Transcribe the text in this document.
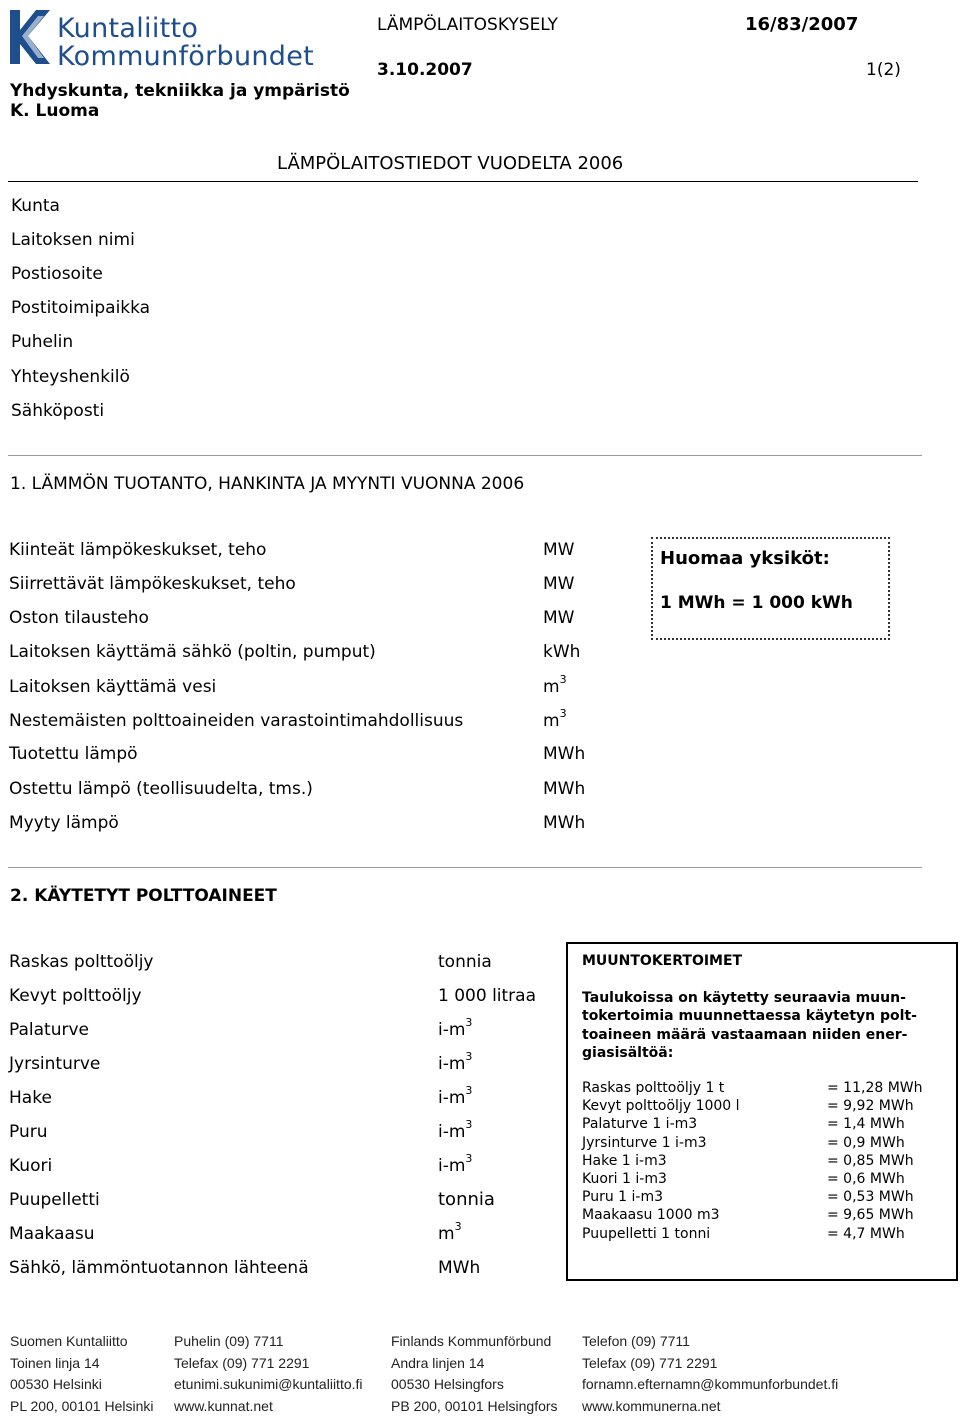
Kuntaliitto
Kommunförbundet
LÄMPÖLAITOSKYSELY	16/83/2007
3.10.2007	1(2)
Yhdyskunta, tekniikka ja ympäristö
K. Luoma
LÄMPÖLAITOSTIEDOT VUODELTA 2006
Kunta
Laitoksen nimi
Postiosoite
Postitoimipaikka
Puhelin
Yhteyshenkilö
Sähköposti
1. LÄMMÖN TUOTANTO, HANKINTA JA MYYNTI VUONNA 2006
Kiinteät lämpökeskukset, teho	MW
Siirrettävät lämpökeskukset, teho	MW
Oston tilausteho	MW
Laitoksen käyttämä sähkö (poltin, pumput)	kWh
Laitoksen käyttämä vesi	$m^3$
Nestemäisten polttoaineiden varastointimahdollisuus	$m^3$
Tuotettu lämpö	MWh
Ostettu lämpö (teollisuudelta, tms.)	MWh
Myyty lämpö	MWh
Huomaa yksiköt:
1 MWh = 1 000 kWh
2. KÄYTETYT POLTTOAINEET
Raskas polttoöljy	tonnia
Kevyt polttoöljy	1 000 litraa
Palaturve	$i-m^3$
Jyrsinturve	$i-m^3$
Hake	$i-m^3$
Puru	$i-m^3$
Kuori	$i-m^3$
Puupelletti	tonnia
Maakaasu	$m^3$
Sähkö, lämmöntuotannon lähteenä	MWh
MUUNTOKERTOIMET
Taulukoissa on käytetty seuraavia muun-
tokertoimia muunnettaessa käytetyn polt-
toaineen määrä vastaamaan niiden ener-
giasisältöä:
Raskas polttoöljy 1 t	= 11,28 MWh
Kevyt polttoöljy 1000 l	= 9,92 MWh
Palaturve 1 i-m3	= 1,4 MWh
Jyrsinturve 1 i-m3	= 0,9 MWh
Hake 1 i-m3	= 0,85 MWh
Kuori 1 i-m3	= 0,6 MWh
Puru 1 i-m3	= 0,53 MWh
Maakaasu 1000 m3	= 9,65 MWh
Puupelletti 1 tonni	= 4,7 MWh
Suomen Kuntaliitto
Toinen linja 14
00530 Helsinki
PL 200, 00101 Helsinki
Puhelin (09) 7711
Telefax (09) 771 2291
etunimi.sukunimi@kuntaliitto.fi
www.kunnat.net
Finlands Kommunförbund
Andra linjen 14
00530 Helsingfors
PB 200, 00101 Helsingfors
Telefon (09) 7711
Telefax (09) 771 2291
fornamn.efternamn@kommunforbundet.fi
www.kommunerna.net
